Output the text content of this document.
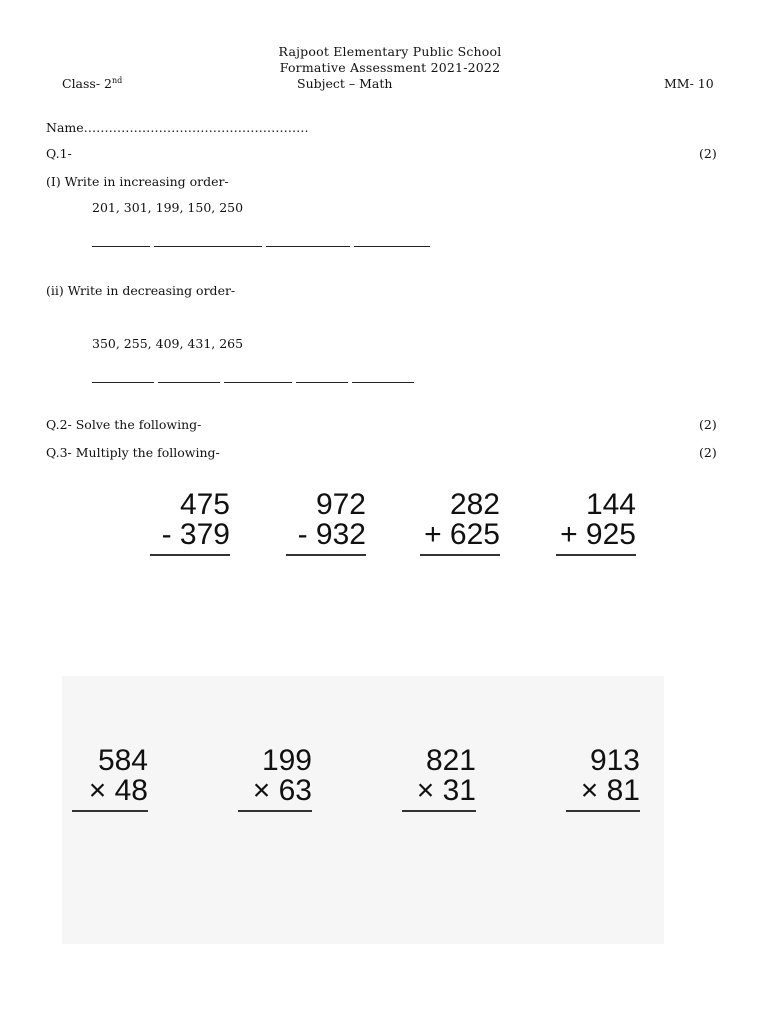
Rajpoot Elementary Public School
Formative Assessment 2021-2022
Class- 2nd	Subject – Math	MM- 10
Name………………………………………………
Q.1-	(2)
(I) Write in increasing order-
201, 301, 199, 150, 250
(ii) Write in decreasing order-
350, 255, 409, 431, 265
Q.2- Solve the following-	(2)
Q.3- Multiply the following-	(2)
475
- 379
972
- 932
282
+ 625
144
+ 925
584
× 48
199
× 63
821
× 31
913
× 81
